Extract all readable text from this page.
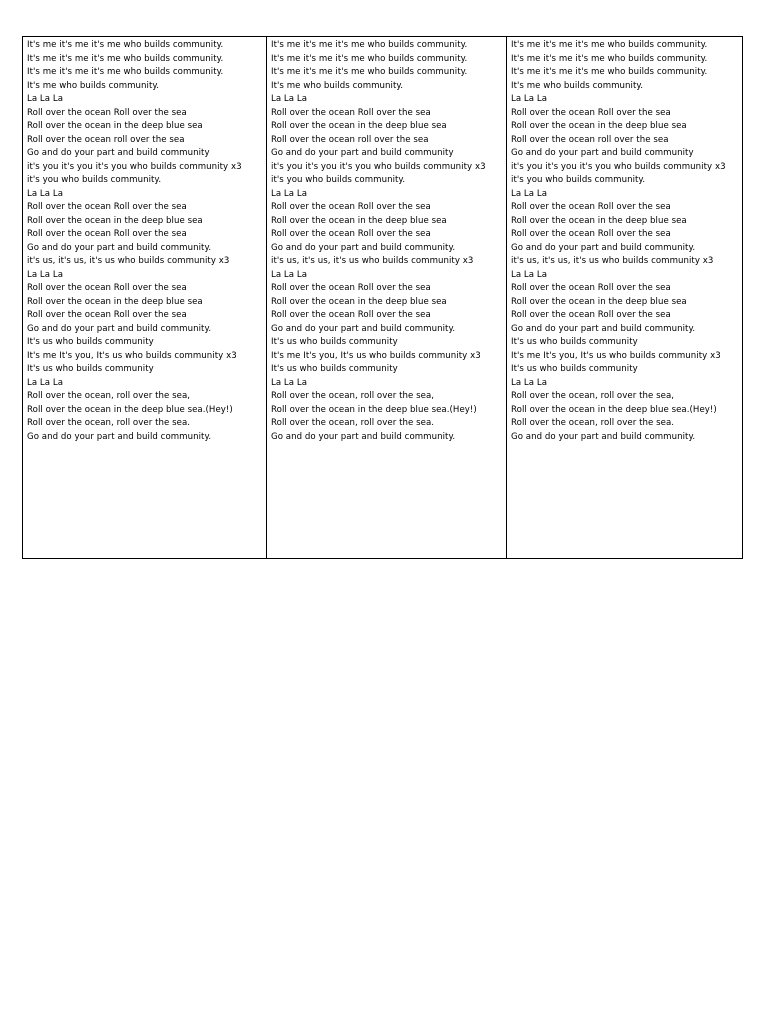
It's me it's me it's me who builds community.
It's me it's me it's me who builds community.
It's me it's me it's me who builds community.
It's me who builds community.
La La La
Roll over the ocean Roll over the sea
Roll over the ocean in the deep blue sea
Roll over the ocean roll over the sea
Go and do your part and build community
it's you it's you it's you who builds community x3
it's you who builds community.
La La La
Roll over the ocean Roll over the sea
Roll over the ocean in the deep blue sea
Roll over the ocean Roll over the sea
Go and do your part and build community.
it's us, it's us, it's us who builds community x3
La La La
Roll over the ocean Roll over the sea
Roll over the ocean in the deep blue sea
Roll over the ocean Roll over the sea
Go and do your part and build community.
It's us who builds community
It's me It's you, It's us who builds community x3
It's us who builds community
La La La
Roll over the ocean, roll over the sea,
Roll over the ocean in the deep blue sea.(Hey!)
Roll over the ocean, roll over the sea.
Go and do your part and build community.

It's me it's me it's me who builds community.
It's me it's me it's me who builds community.
It's me it's me it's me who builds community.
It's me who builds community.
La La La
Roll over the ocean Roll over the sea
Roll over the ocean in the deep blue sea
Roll over the ocean roll over the sea
Go and do your part and build community
it's you it's you it's you who builds community x3
it's you who builds community.
La La La
Roll over the ocean Roll over the sea
Roll over the ocean in the deep blue sea
Roll over the ocean Roll over the sea
Go and do your part and build community.
it's us, it's us, it's us who builds community x3
La La La
Roll over the ocean Roll over the sea
Roll over the ocean in the deep blue sea
Roll over the ocean Roll over the sea
Go and do your part and build community.
It's us who builds community
It's me It's you, It's us who builds community x3
It's us who builds community
La La La
Roll over the ocean, roll over the sea,
Roll over the ocean in the deep blue sea.(Hey!)
Roll over the ocean, roll over the sea.
Go and do your part and build community.

It's me it's me it's me who builds community.
It's me it's me it's me who builds community.
It's me it's me it's me who builds community.
It's me who builds community.
La La La
Roll over the ocean Roll over the sea
Roll over the ocean in the deep blue sea
Roll over the ocean roll over the sea
Go and do your part and build community
it's you it's you it's you who builds community x3
it's you who builds community.
La La La
Roll over the ocean Roll over the sea
Roll over the ocean in the deep blue sea
Roll over the ocean Roll over the sea
Go and do your part and build community.
it's us, it's us, it's us who builds community x3
La La La
Roll over the ocean Roll over the sea
Roll over the ocean in the deep blue sea
Roll over the ocean Roll over the sea
Go and do your part and build community.
It's us who builds community
It's me It's you, It's us who builds community x3
It's us who builds community
La La La
Roll over the ocean, roll over the sea,
Roll over the ocean in the deep blue sea.(Hey!)
Roll over the ocean, roll over the sea.
Go and do your part and build community.
